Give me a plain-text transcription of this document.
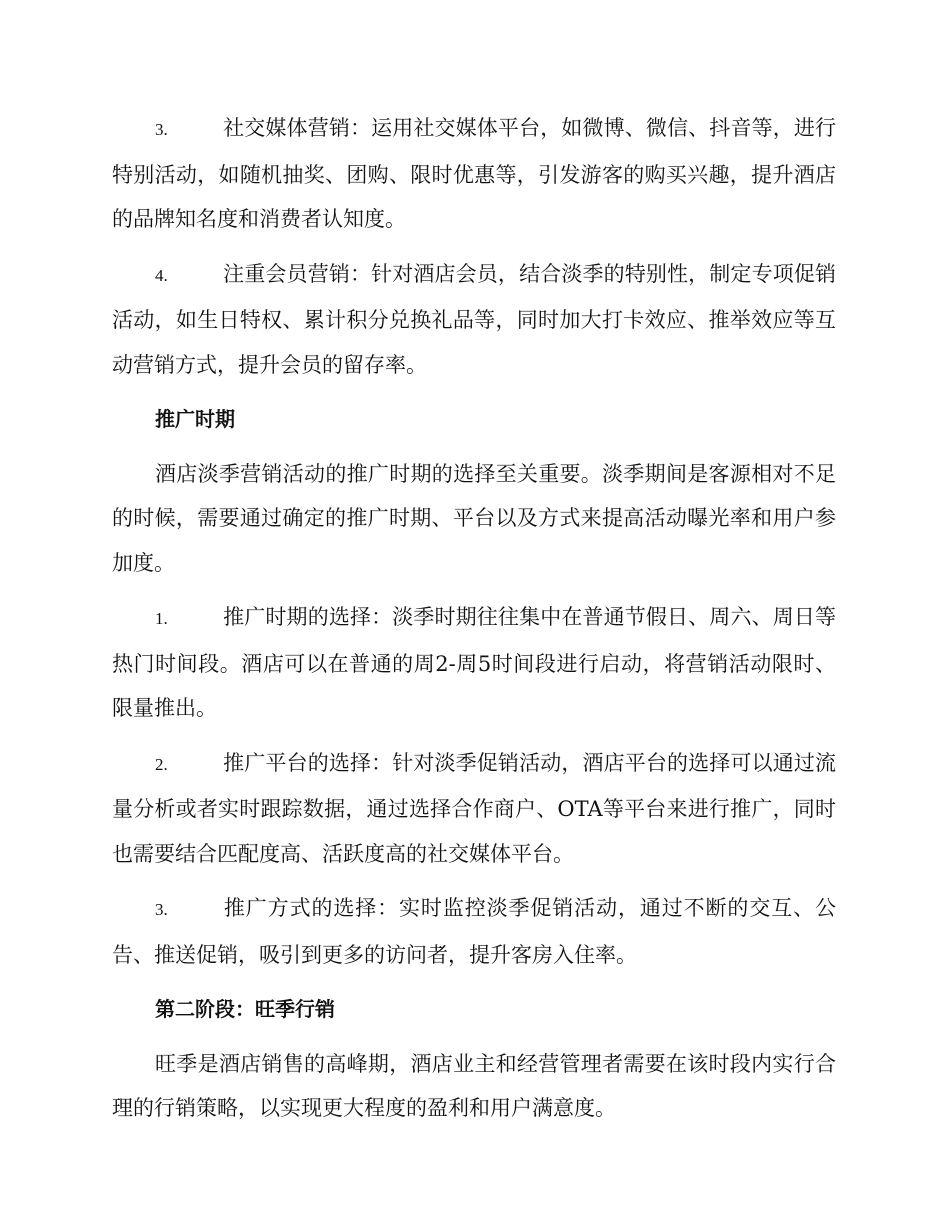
3.	社交媒体营销：运用社交媒体平台，如微博、微信、抖音等，进行特别活动，如随机抽奖、团购、限时优惠等，引发游客的购买兴趣，提升酒店的品牌知名度和消费者认知度。

4.	注重会员营销：针对酒店会员，结合淡季的特别性，制定专项促销活动，如生日特权、累计积分兑换礼品等，同时加大打卡效应、推举效应等互动营销方式，提升会员的留存率。

推广时期

酒店淡季营销活动的推广时期的选择至关重要。淡季期间是客源相对不足的时候，需要通过确定的推广时期、平台以及方式来提高活动曝光率和用户参加度。

1.	推广时期的选择：淡季时期往往集中在普通节假日、周六、周日等热门时间段。酒店可以在普通的周2-周5时间段进行启动，将营销活动限时、限量推出。

2.	推广平台的选择：针对淡季促销活动，酒店平台的选择可以通过流量分析或者实时跟踪数据，通过选择合作商户、OTA等平台来进行推广，同时也需要结合匹配度高、活跃度高的社交媒体平台。

3.	推广方式的选择：实时监控淡季促销活动，通过不断的交互、公告、推送促销，吸引到更多的访问者，提升客房入住率。

第二阶段：旺季行销

旺季是酒店销售的高峰期，酒店业主和经营管理者需要在该时段内实行合理的行销策略，以实现更大程度的盈利和用户满意度。
